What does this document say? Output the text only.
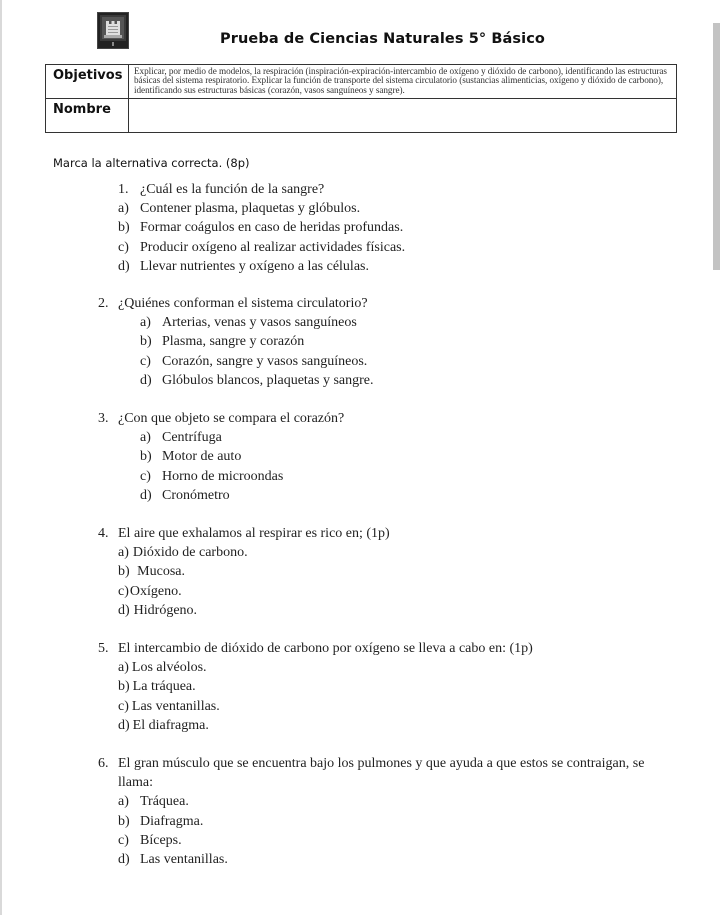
Prueba de Ciencias Naturales 5° Básico
Objetivos	Explicar, por medio de modelos, la respiración (inspiración-expiración-intercambio de oxígeno y dióxido de carbono), identificando las estructuras básicas del sistema respiratorio. Explicar la función de transporte del sistema circulatorio (sustancias alimenticias, oxígeno y dióxido de carbono), identificando sus estructuras básicas (corazón, vasos sanguíneos y sangre).
Nombre	
Marca la alternativa correcta. (8p)
1. ¿Cuál es la función de la sangre?
a) Contener plasma, plaquetas y glóbulos.
b) Formar coágulos en caso de heridas profundas.
c) Producir oxígeno al realizar actividades físicas.
d) Llevar nutrientes y oxígeno a las células.
2. ¿Quiénes conforman el sistema circulatorio?
a) Arterias, venas y vasos sanguíneos
b) Plasma, sangre y corazón
c) Corazón, sangre y vasos sanguíneos.
d) Glóbulos blancos, plaquetas y sangre.
3. ¿Con que objeto se compara el corazón?
a) Centrífuga
b) Motor de auto
c) Horno de microondas
d) Cronómetro
4. El aire que exhalamos al respirar es rico en; (1p)
a) Dióxido de carbono.
b) Mucosa.
c) Oxígeno.
d) Hidrógeno.
5. El intercambio de dióxido de carbono por oxígeno se lleva a cabo en: (1p)
a) Los alvéolos.
b) La tráquea.
c) Las ventanillas.
d) El diafragma.
6. El gran músculo que se encuentra bajo los pulmones y que ayuda a que estos se contraigan, se
llama:
a) Tráquea.
b) Diafragma.
c) Bíceps.
d) Las ventanillas.
